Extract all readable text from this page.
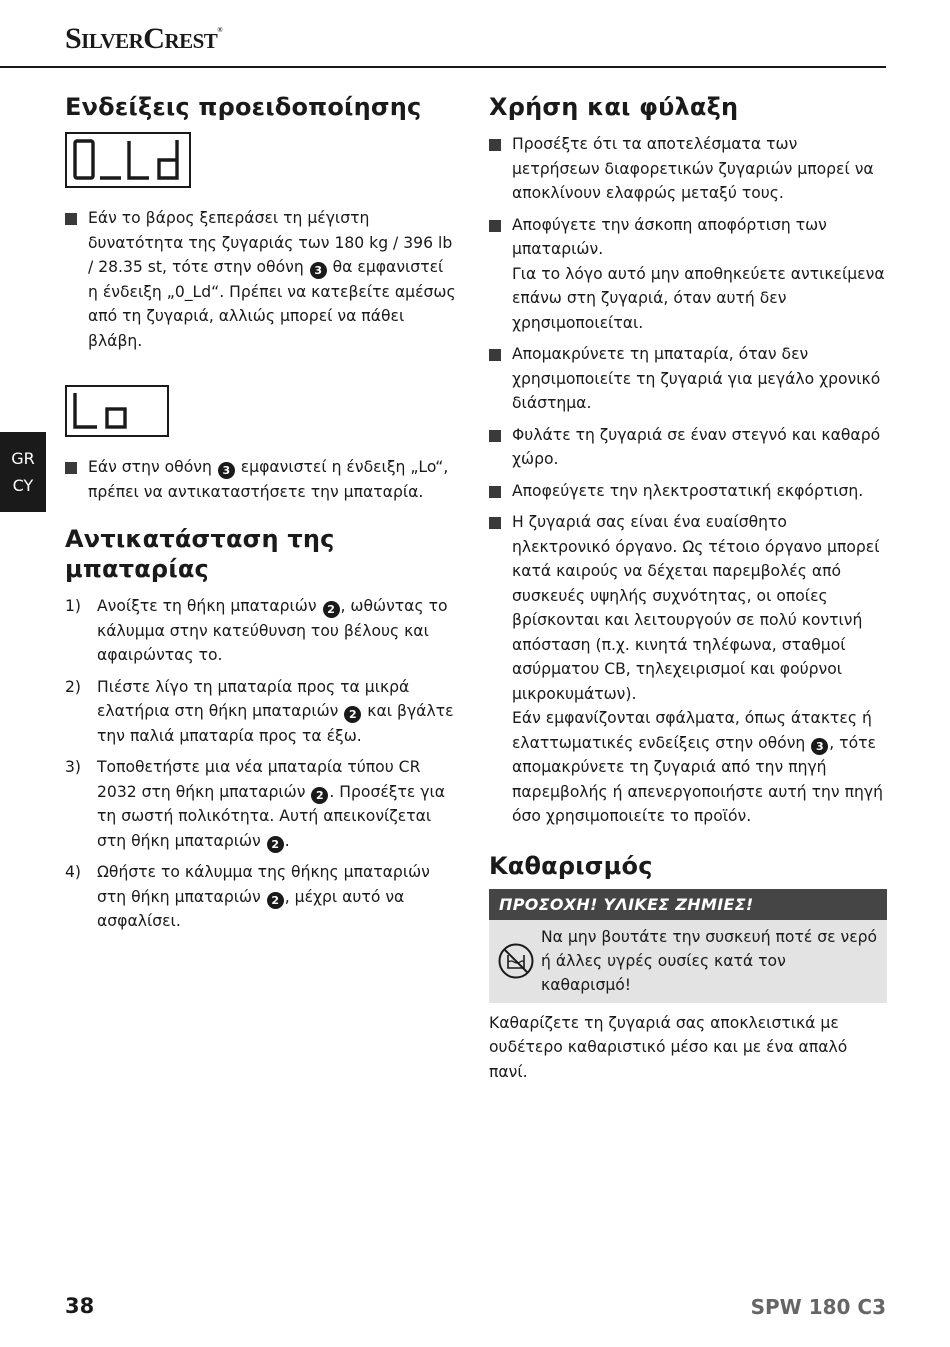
SilverCrest®
GR
CY
Ενδείξεις προειδοποίησης
Εάν το βάρος ξεπεράσει τη μέγιστη δυνατότητα της ζυγαριάς των 180 kg / 396 lb / 28.35 st, τότε στην οθόνη 3 θα εμφανιστεί η ένδειξη „0_Ld“. Πρέπει να κατεβείτε αμέσως από τη ζυγαριά, αλλιώς μπορεί να πάθει βλάβη.
Εάν στην οθόνη 3 εμφανιστεί η ένδειξη „Lo“, πρέπει να αντικαταστήσετε την μπαταρία.
Αντικατάσταση της μπαταρίας
1) Ανοίξτε τη θήκη μπαταριών 2 , ωθώντας το κάλυμμα στην κατεύθυνση του βέλους και αφαιρώντας το.
2) Πιέστε λίγο τη μπαταρία προς τα μικρά ελατήρια στη θήκη μπαταριών 2 και βγάλτε την παλιά μπαταρία προς τα έξω.
3) Τοποθετήστε μια νέα μπαταρία τύπου CR 2032 στη θήκη μπαταριών 2 . Προσέξτε για τη σωστή πολικότητα. Αυτή απεικονίζεται στη θήκη μπαταριών 2 .
4) Ωθήστε το κάλυμμα της θήκης μπαταριών στη θήκη μπαταριών 2 , μέχρι αυτό να ασφαλίσει.
Χρήση και φύλαξη
Προσέξτε ότι τα αποτελέσματα των μετρήσεων διαφορετικών ζυγαριών μπορεί να αποκλίνουν ελαφρώς μεταξύ τους.
Αποφύγετε την άσκοπη αποφόρτιση των μπαταριών.
Για το λόγο αυτό μην αποθηκεύετε αντικείμενα επάνω στη ζυγαριά, όταν αυτή δεν χρησιμοποιείται.
Απομακρύνετε τη μπαταρία, όταν δεν χρησιμοποιείτε τη ζυγαριά για μεγάλο χρονικό διάστημα.
Φυλάτε τη ζυγαριά σε έναν στεγνό και καθαρό χώρο.
Αποφεύγετε την ηλεκτροστατική εκφόρτιση.
Η ζυγαριά σας είναι ένα ευαίσθητο ηλεκτρονικό όργανο. Ως τέτοιο όργανο μπορεί κατά καιρούς να δέχεται παρεμβολές από συσκευές υψηλής συχνότητας, οι οποίες βρίσκονται και λειτουργούν σε πολύ κοντινή απόσταση (π.χ. κινητά τηλέφωνα, σταθμοί ασύρματου CB, τηλεχειρισμοί και φούρνοι μικροκυμάτων).
Εάν εμφανίζονται σφάλματα, όπως άτακτες ή ελαττωματικές ενδείξεις στην οθόνη 3 , τότε απομακρύνετε τη ζυγαριά από την πηγή παρεμβολής ή απενεργοποιήστε αυτή την πηγή όσο χρησιμοποιείτε το προϊόν.
Καθαρισμός
ΠΡΟΣΟΧΗ! ΥΛΙΚΕΣ ΖΗΜΙΕΣ!

Να μην βουτάτε την συσκευή ποτέ σε νερό ή άλλες υγρές ουσίες κατά τον καθαρισμό!

Καθαρίζετε τη ζυγαριά σας αποκλειστικά με ουδέτερο καθαριστικό μέσο και με ένα απαλό πανί.

38	SPW 180 C3
